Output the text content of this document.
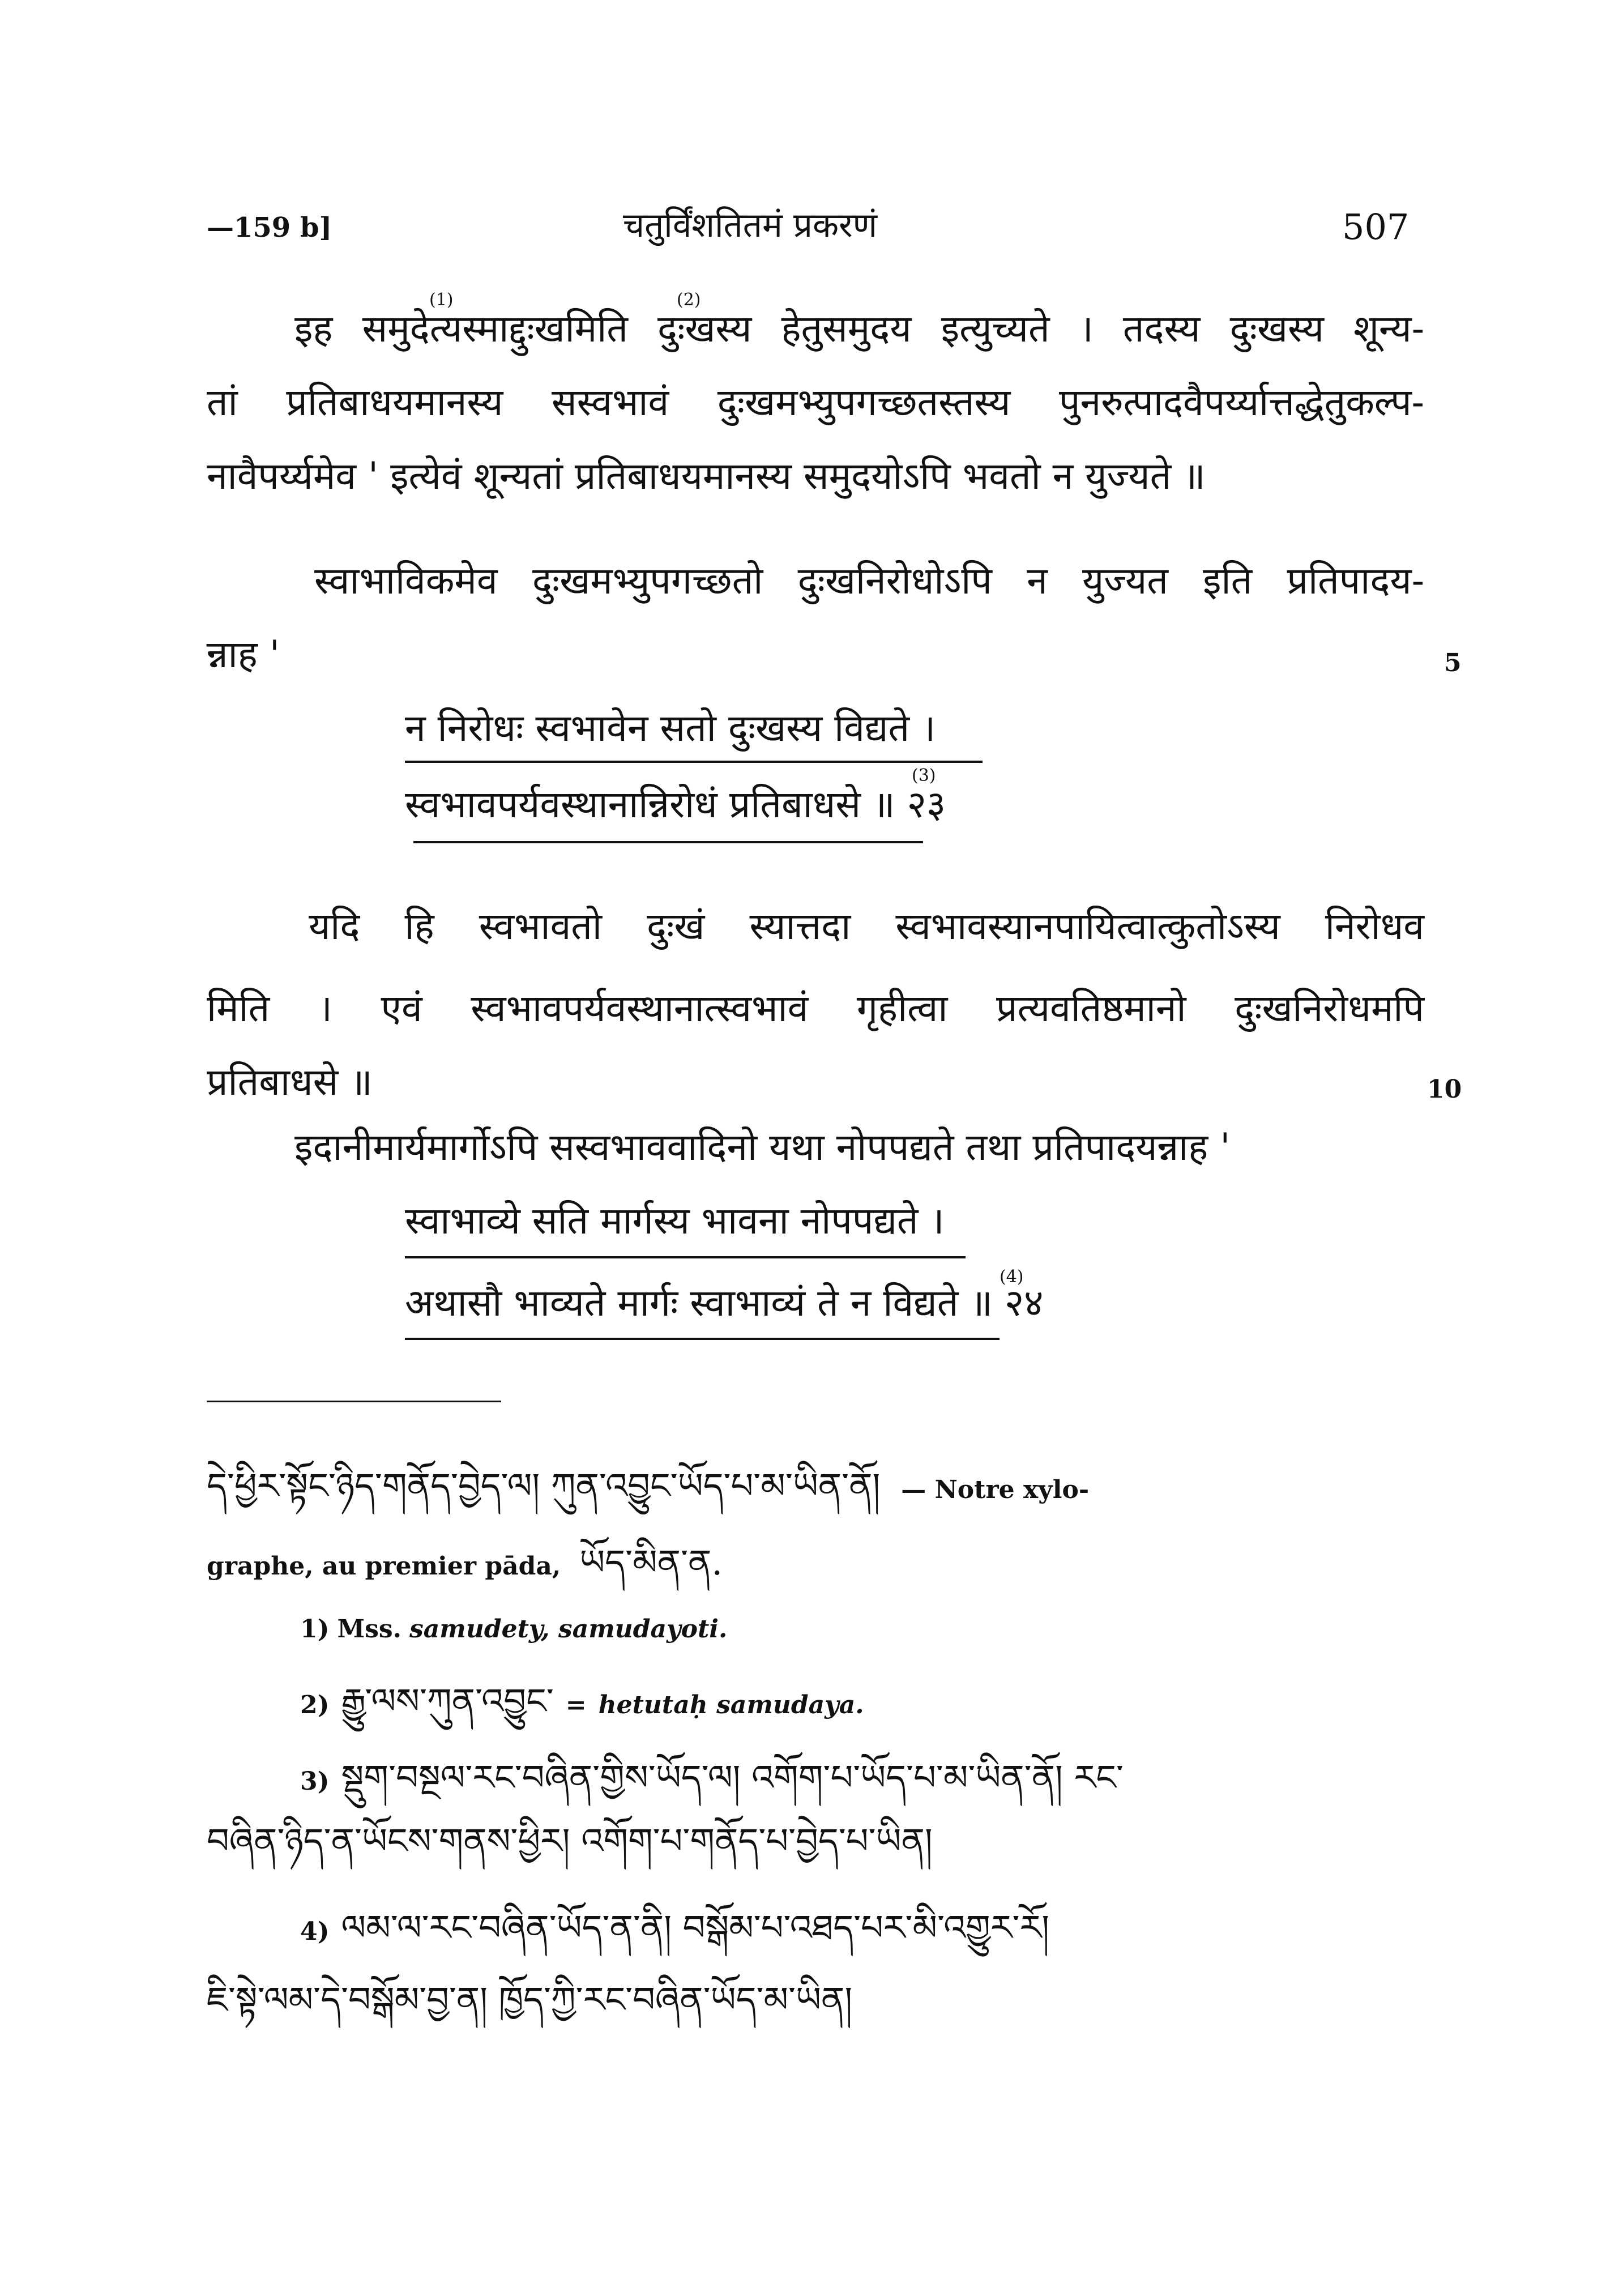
—159 b]	चतुर्विंशतितमं प्रकरणं	507
इह समुदेत्यस्माद्दुःखमिति दुःखस्य हेतुसमुदय इत्युच्यते । तदस्य दुःखस्य शून्य-
(1)	(2)
तां प्रतिबाधयमानस्य सस्वभावं दुःखमभ्युपगच्छतस्तस्य पुनरुत्पादवैपर्य्यात्तद्धेतुकल्प-
नावैपर्य्यमेव ' इत्येवं शून्यतां प्रतिबाधयमानस्य समुदयोऽपि भवतो न युज्यते ॥
स्वाभाविकमेव दुःखमभ्युपगच्छतो दुःखनिरोधोऽपि न युज्यत इति प्रतिपादय-
न्नाह '
न निरोधः स्वभावेन सतो दुःखस्य विद्यते ।
स्वभावपर्यवस्थानान्निरोधं प्रतिबाधसे ॥ २३
(3)
यदि हि स्वभावतो दुःखं स्यात्तदा स्वभावस्यानपायित्वात्कुतोऽस्य निरोधव
मिति । एवं स्वभावपर्यवस्थानात्स्वभावं गृहीत्वा प्रत्यवतिष्ठमानो दुःखनिरोधमपि
प्रतिबाधसे ॥
इदानीमार्यमार्गोऽपि सस्वभाववादिनो यथा नोपपद्यते तथा प्रतिपादयन्नाह '
स्वाभाव्ये सति मार्गस्य भावना नोपपद्यते ।
अथासौ भाव्यते मार्गः स्वाभाव्यं ते न विद्यते ॥ २४
(4)
5
10
དེ་ཕྱིར་སྟོང་ཉིད་གནོད་བྱེད་ལ། ཀུན་འབྱུང་ཡོད་པ་མ་ཡིན་ནོ། — Notre xylo-
graphe, au premier pāda, ཡོད་མིན་ན.
1) Mss. samudety, samudayoti.
2) རྒྱུ་ལས་ཀུན་འབྱུང་ = hetutaḥ samudaya.
3) སྡུག་བསྔལ་རང་བཞིན་གྱིས་ཡོད་ལ། འགོག་པ་ཡོད་པ་མ་ཡིན་ནོ། རང་
བཞིན་ཉིད་ན་ཡོངས་གནས་ཕྱིར། འགོག་པ་གནོད་པ་བྱེད་པ་ཡིན།
4) ལམ་ལ་རང་བཞིན་ཡོད་ན་ནི། བསྒོམ་པ་འཐད་པར་མི་འགྱུར་རོ།
ཇི་སྟེ་ལམ་དེ་བསྒོམ་བྱ་ན། ཁྱོད་ཀྱི་རང་བཞིན་ཡོད་མ་ཡིན།
